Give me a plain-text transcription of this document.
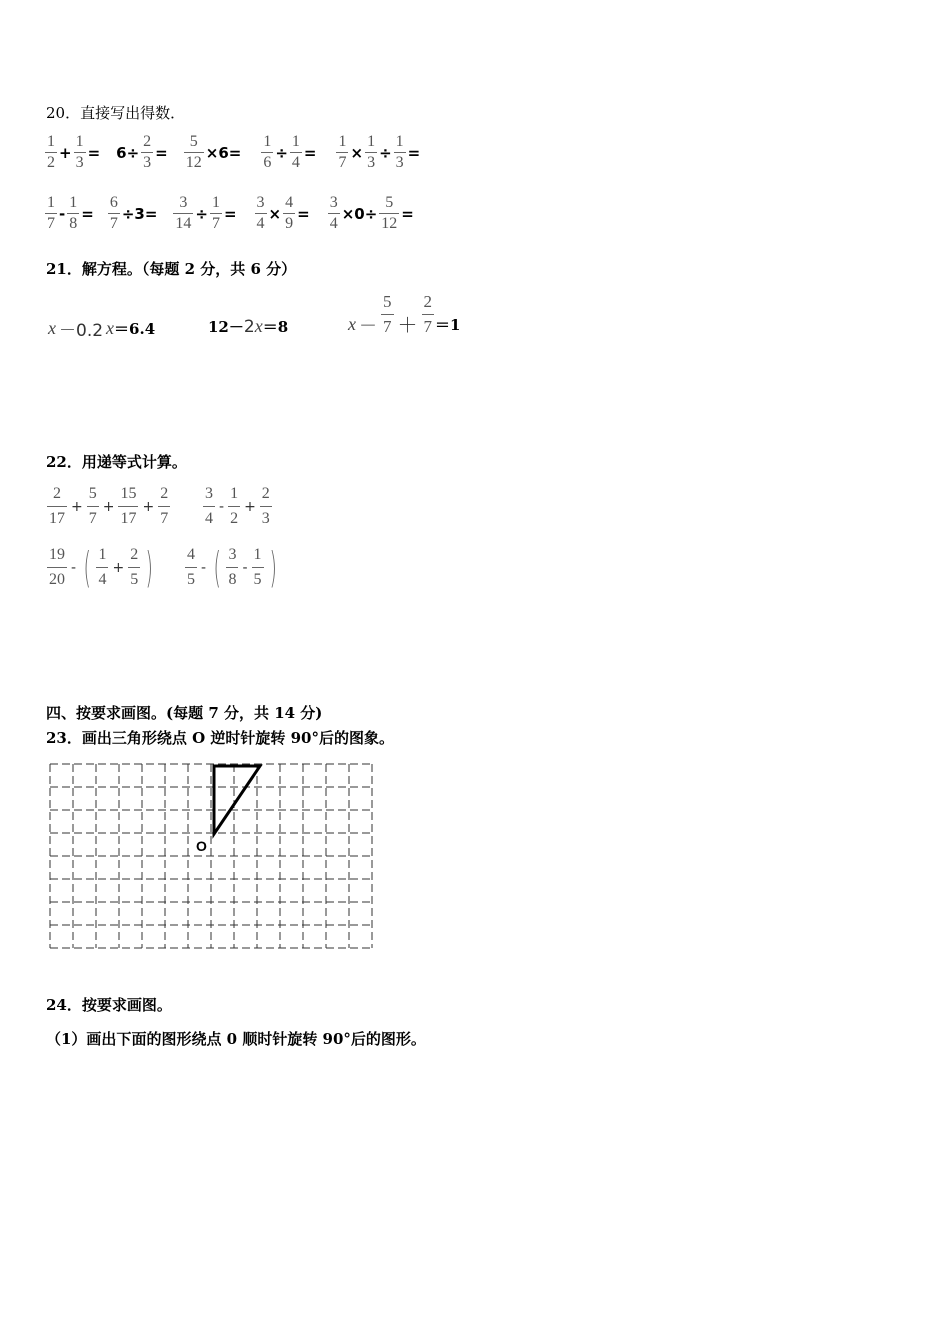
20．直接写出得数．
$\frac{1}{2} + \frac{1}{3} = 6\div \frac{2}{3} = \frac{5}{12} \times 6= \frac{1}{6} \div \frac{1}{4} = \frac{1}{7} \times \frac{1}{3} \div \frac{1}{3}$ =
$\frac{1}{7} - \frac{1}{8} = \frac{6}{7} \div 3= \frac{3}{14} \div \frac{1}{7} = \frac{3}{4} \times \frac{4}{9} = \frac{3}{4} \times 0\div \frac{5}{12}$ =
21．解方程。（每题 2 分，共 6 分）
x －0.2 x ＝6.4	12－ 2 x ＝8	$x - \frac{5}{7} + \frac{2}{7} =1$
22．用递等式计算。
$\frac{2}{17} + \frac{5}{7} + \frac{15}{17} + \frac{2}{7} \frac{3}{4} - \frac{1}{2} + \frac{2}{3}$
$\frac{19}{20}$ - ( $\frac{1}{4} + \frac{2}{5}$ ) $\frac{4}{5}$ - ( $\frac{3}{8} - \frac{1}{5}$ )
四、按要求画图。(每题 7 分，共 14 分)
23．画出三角形绕点 O 逆时针旋转 90°后的图象。
O
24．按要求画图。
（1）画出下面的图形绕点 0 顺时针旋转 90°后的图形。
